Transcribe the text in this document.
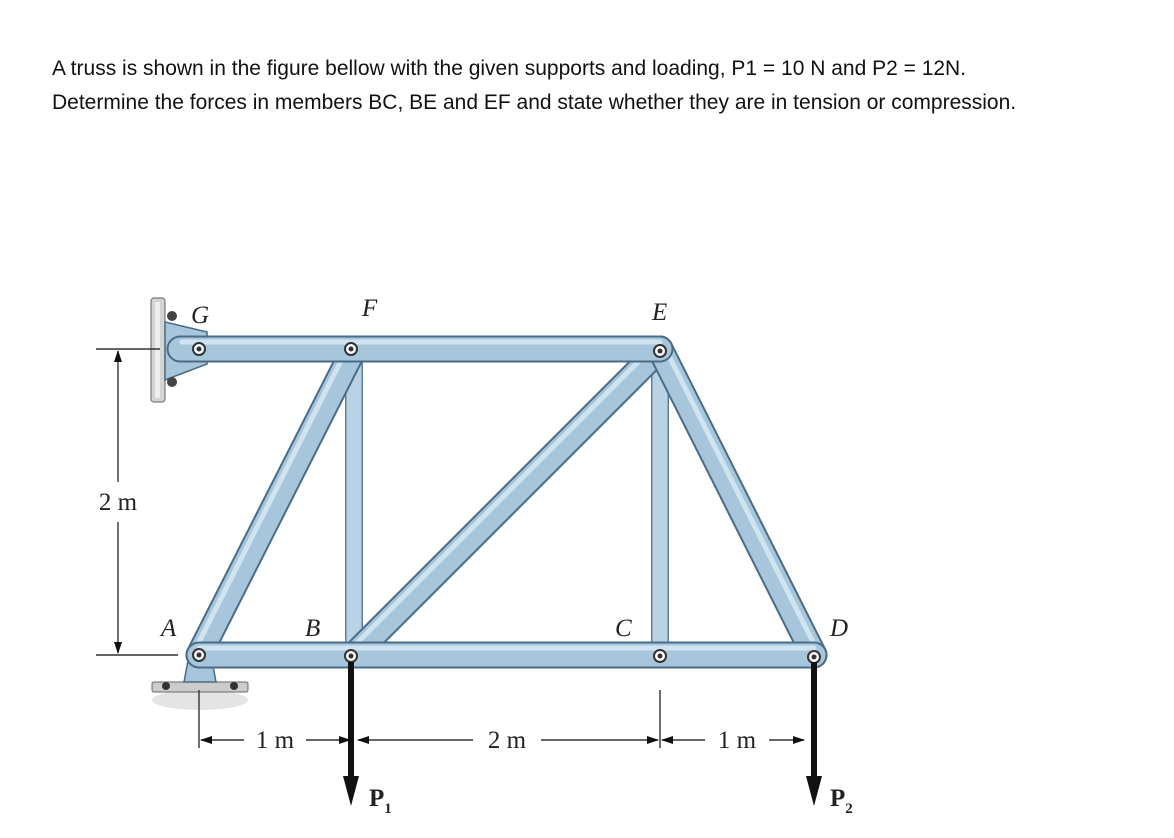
A truss is shown in the figure bellow with the given supports and loading, P1 = 10 N and P2 = 12N.

Determine the forces in members BC, BE and EF and state whether they are in tension or compression.

G	F	E
A	B	C	D
2 m
1 m	2 m	1 m
$P_1$	$P_2$
